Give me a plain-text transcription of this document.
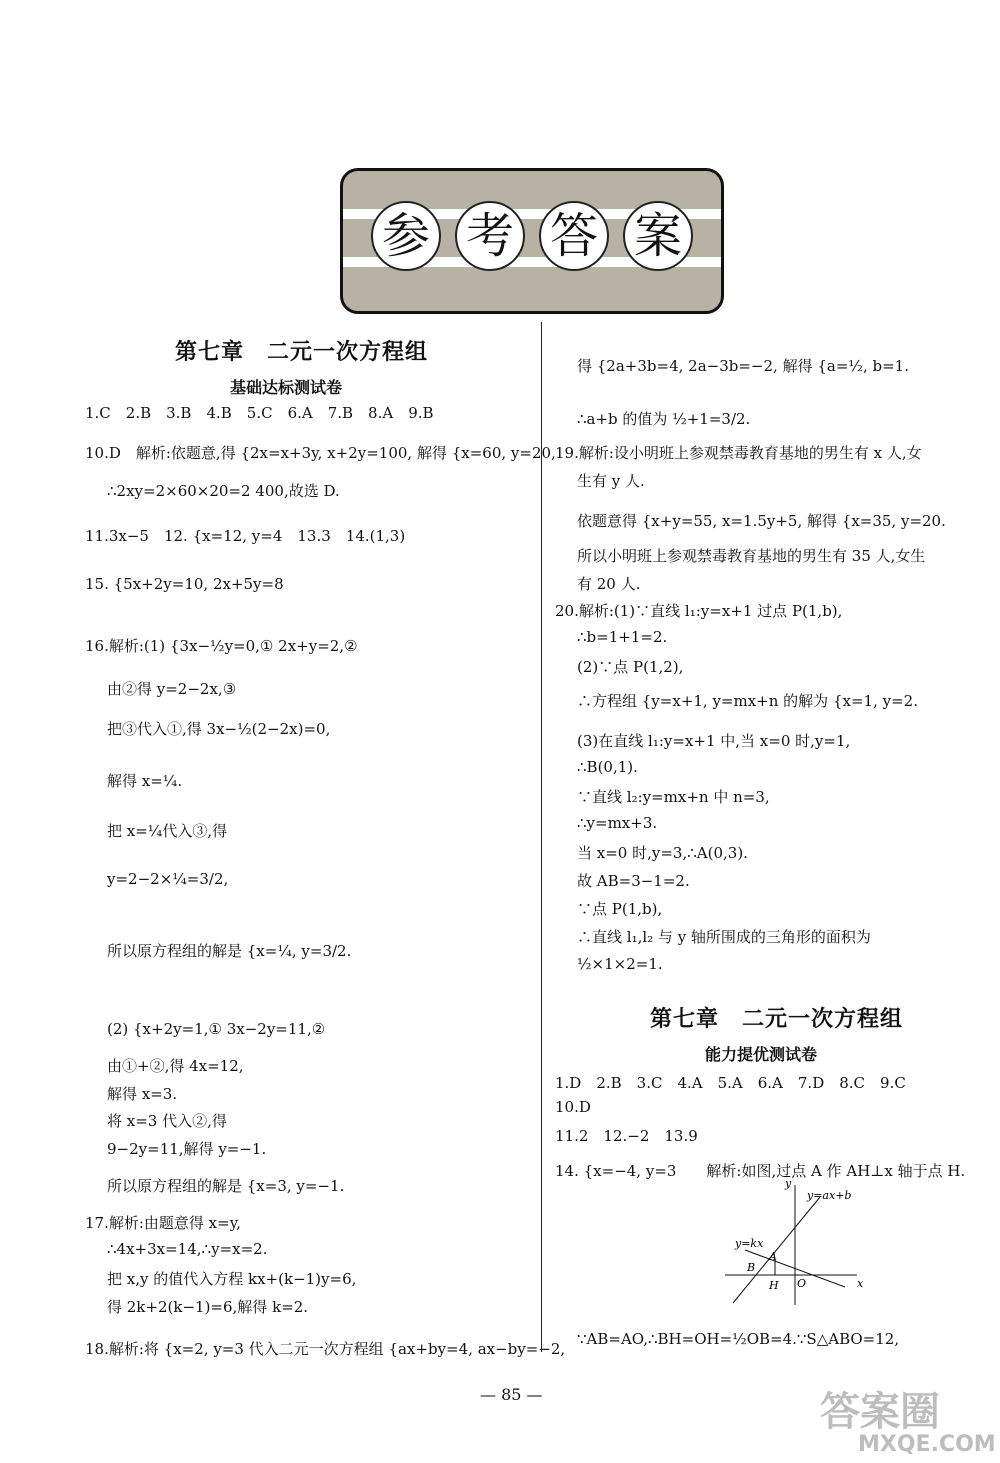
参 考 答 案
第七章　二元一次方程组
基础达标测试卷
1.C　2.B　3.B　4.B　5.C　6.A　7.B　8.A　9.B
10.D　解析:依题意,得 {2x=x+3y, x+2y=100, 解得 {x=60, y=20,
∴2xy=2×60×20=2 400,故选 D.
11.3x−5　12. {x=12, y=4　13.3　14.(1,3)
15. {5x+2y=10, 2x+5y=8
16.解析:(1) {3x−½y=0,① 2x+y=2,②
由②得 y=2−2x,③
把③代入①,得 3x−½(2−2x)=0,
解得 x=¼.
把 x=¼代入③,得
y=2−2×¼=3/2,
所以原方程组的解是 {x=¼, y=3/2.
(2) {x+2y=1,① 3x−2y=11,②
由①+②,得 4x=12,
解得 x=3.
将 x=3 代入②,得
9−2y=11,解得 y=−1.
所以原方程组的解是 {x=3, y=−1.
17.解析:由题意得 x=y,
∴4x+3x=14,∴y=x=2.
把 x,y 的值代入方程 kx+(k−1)y=6,
得 2k+2(k−1)=6,解得 k=2.
18.解析:将 {x=2, y=3 代入二元一次方程组 {ax+by=4, ax−by=−2,
得 {2a+3b=4, 2a−3b=−2, 解得 {a=½, b=1.
∴a+b 的值为 ½+1=3/2.
19.解析:设小明班上参观禁毒教育基地的男生有 x 人,女
生有 y 人.
依题意得 {x+y=55, x=1.5y+5, 解得 {x=35, y=20.
所以小明班上参观禁毒教育基地的男生有 35 人,女生
有 20 人.
20.解析:(1)∵直线 l₁:y=x+1 过点 P(1,b),
∴b=1+1=2.
(2)∵点 P(1,2),
∴方程组 {y=x+1, y=mx+n 的解为 {x=1, y=2.
(3)在直线 l₁:y=x+1 中,当 x=0 时,y=1,
∴B(0,1).
∵直线 l₂:y=mx+n 中 n=3,
∴y=mx+3.
当 x=0 时,y=3,∴A(0,3).
故 AB=3−1=2.
∵点 P(1,b),
∴直线 l₁,l₂ 与 y 轴所围成的三角形的面积为
½×1×2=1.
第七章　二元一次方程组
能力提优测试卷
1.D　2.B　3.C　4.A　5.A　6.A　7.D　8.C　9.C
10.D
11.2　12.−2　13.9
14. {x=−4, y=3　　解析:如图,过点 A 作 AH⊥x 轴于点 H.
y
x
y=ax+b
y=kx
A
B
H O
∵AB=AO,∴BH=OH=½OB=4.∵S△ABO=12,
— 85 —	答案圈
MXQE.COM
